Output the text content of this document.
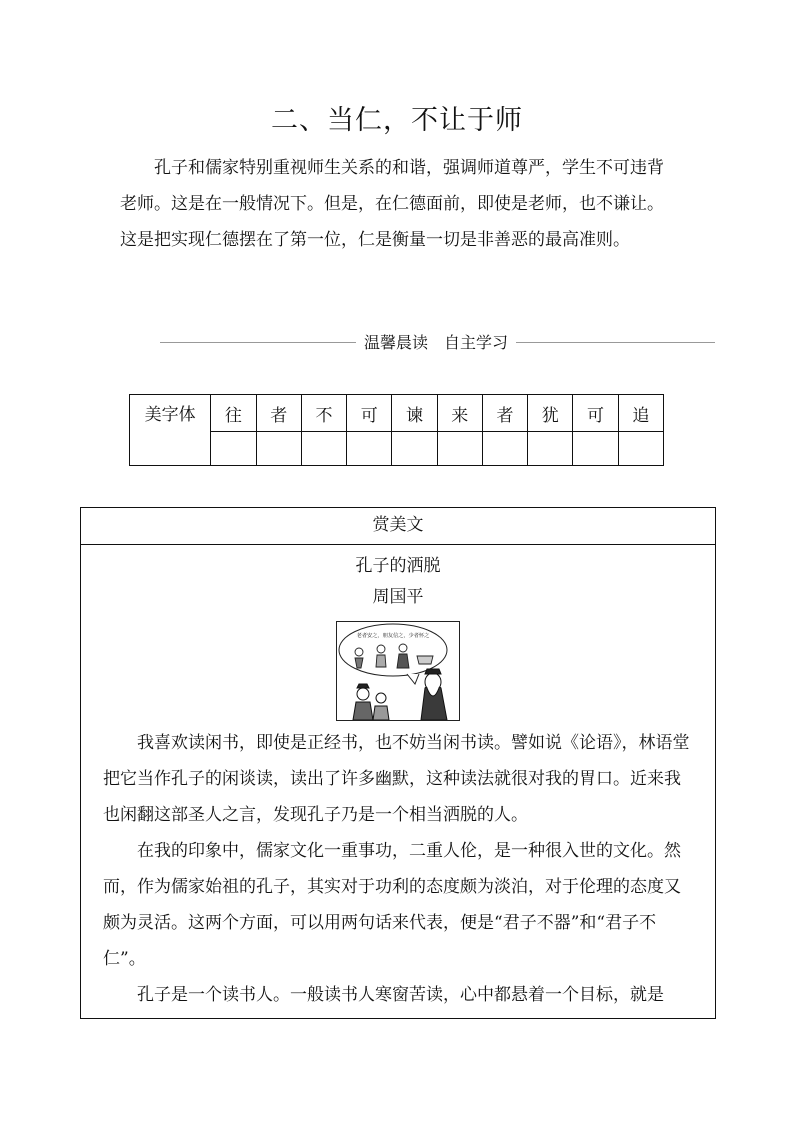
二、当仁，不让于师

孔子和儒家特别重视师生关系的和谐，强调师道尊严，学生不可违背老师。这是在一般情况下。但是，在仁德面前，即使是老师，也不谦让。这是把实现仁德摆在了第一位，仁是衡量一切是非善恶的最高准则。

温馨晨读　自主学习
美字体	往	者	不	可	谏	来	者	犹	可	追

赏美文
孔子的洒脱
周国平
老者安之，朋友信之，少者怀之

我喜欢读闲书，即使是正经书，也不妨当闲书读。譬如说《论语》，林语堂把它当作孔子的闲谈读，读出了许多幽默，这种读法就很对我的胃口。近来我也闲翻这部圣人之言，发现孔子乃是一个相当洒脱的人。

在我的印象中，儒家文化一重事功，二重人伦，是一种很入世的文化。然而，作为儒家始祖的孔子，其实对于功利的态度颇为淡泊，对于伦理的态度又颇为灵活。这两个方面，可以用两句话来代表，便是“君子不器”和“君子不仁”。

孔子是一个读书人。一般读书人寒窗苦读，心中都悬着一个目标，就是
